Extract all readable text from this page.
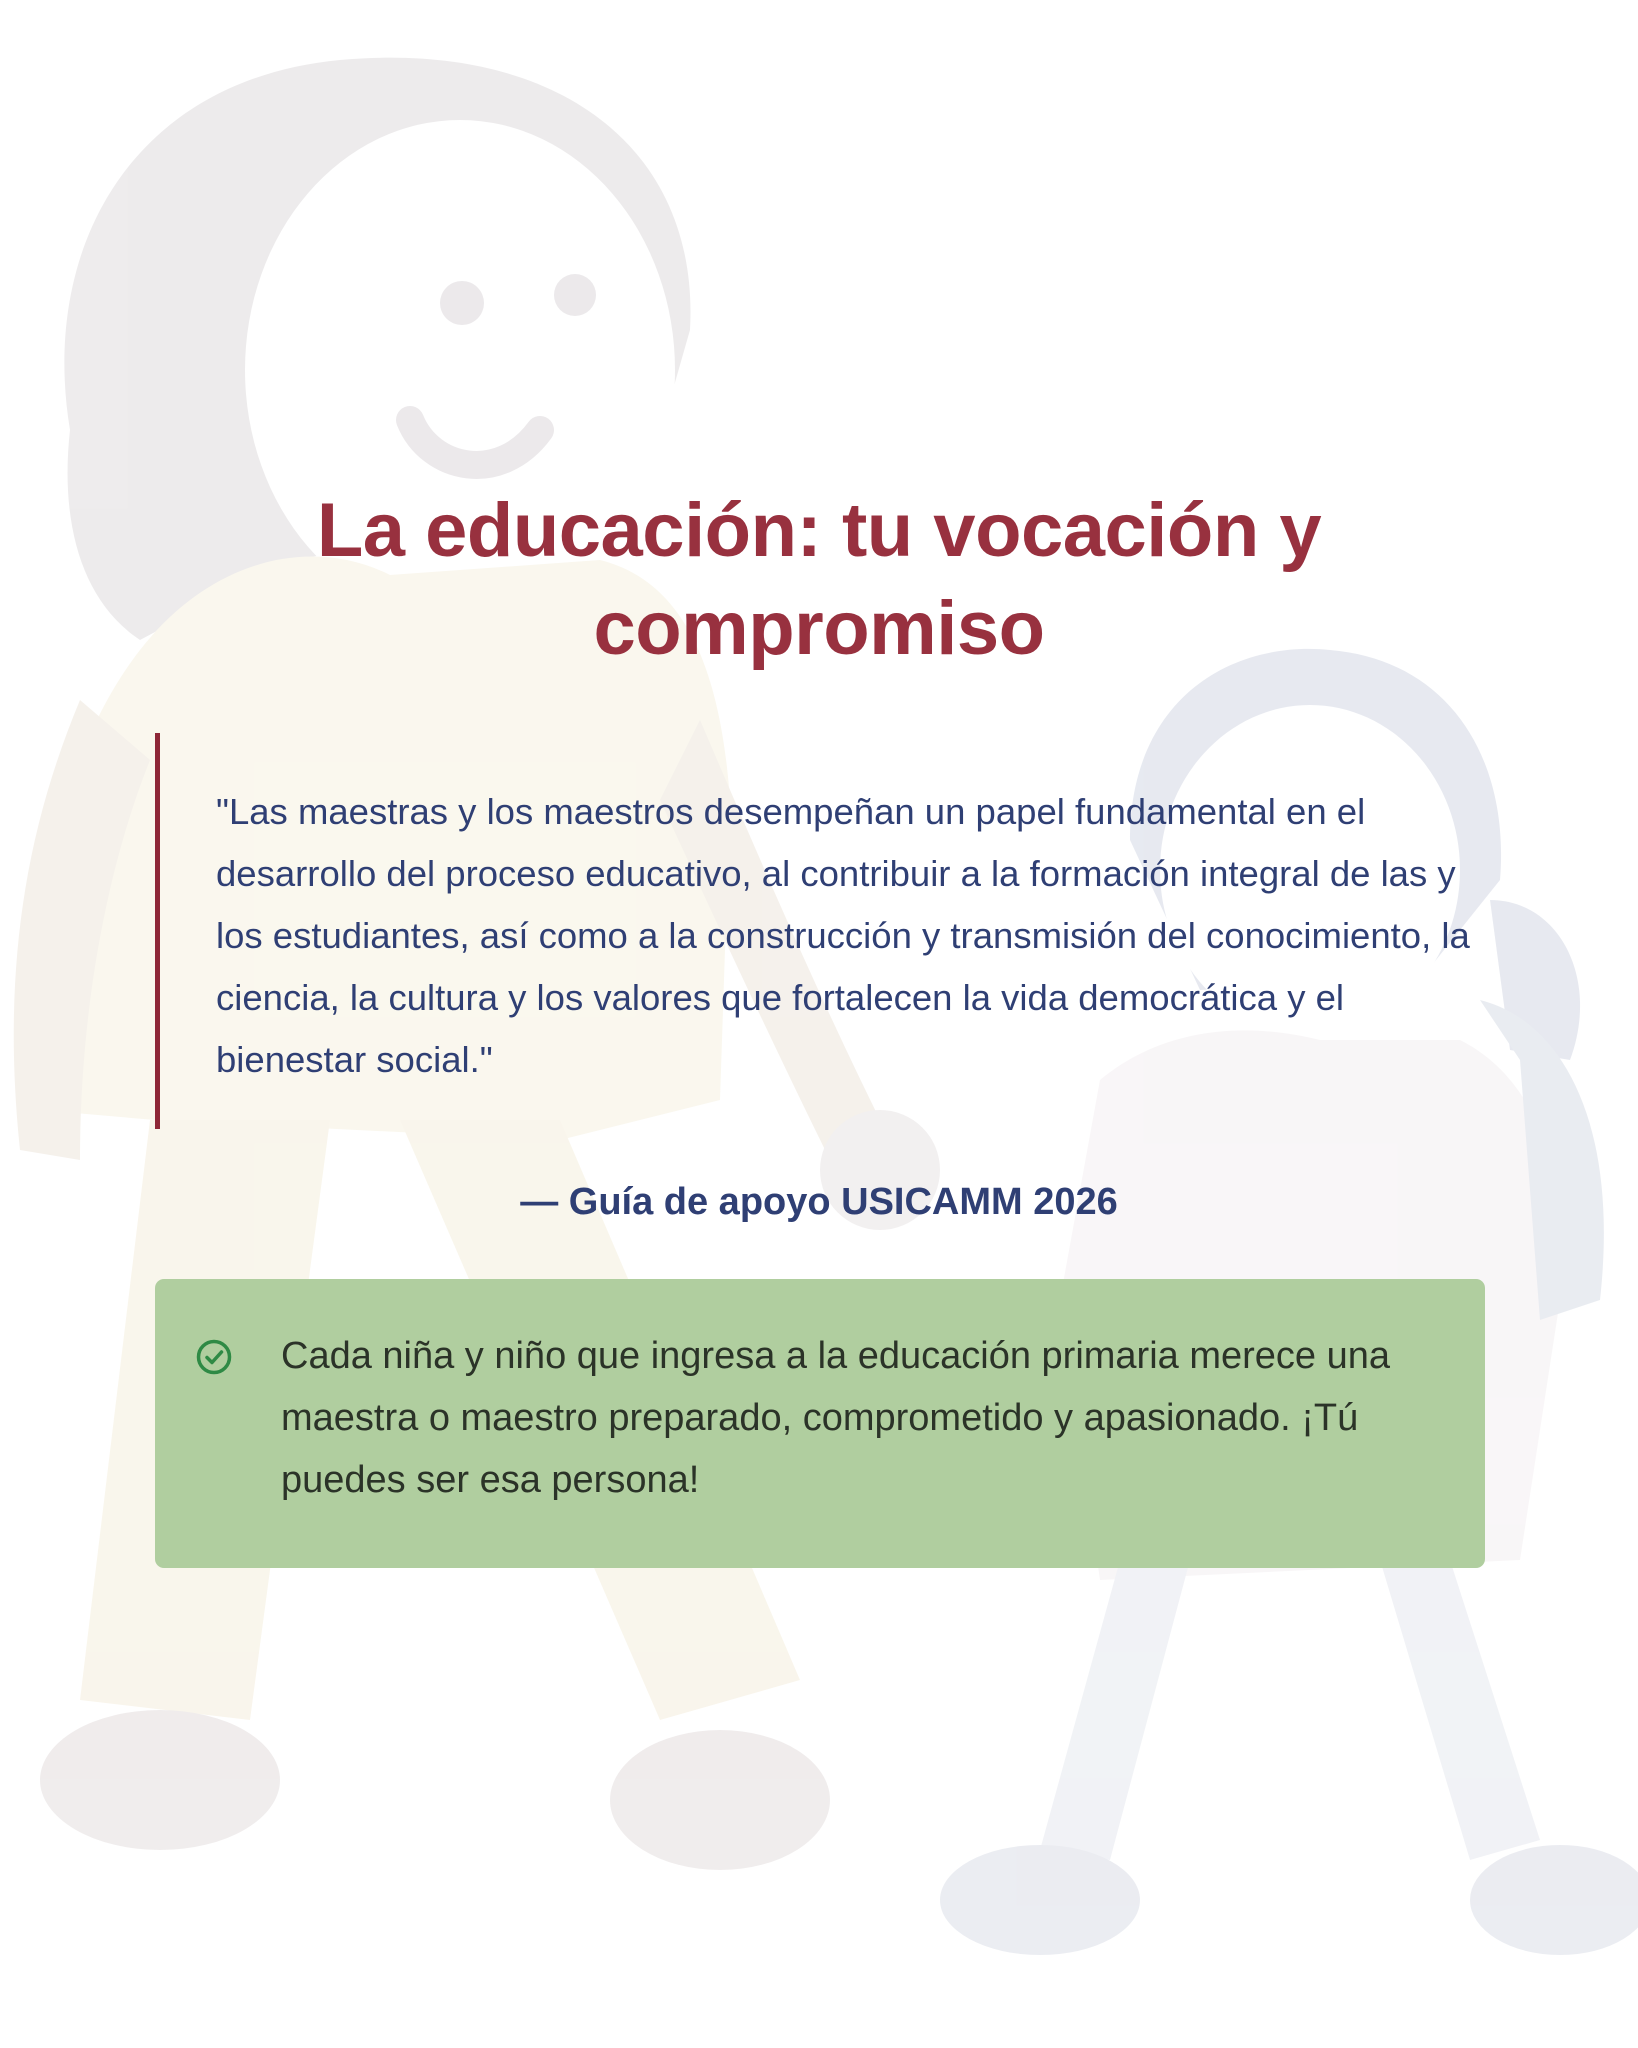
La educación: tu vocación y compromiso

"Las maestras y los maestros desempeñan un papel fundamental en el desarrollo del proceso educativo, al contribuir a la formación integral de las y los estudiantes, así como a la construcción y transmisión del conocimiento, la ciencia, la cultura y los valores que fortalecen la vida democrática y el bienestar social."

— Guía de apoyo USICAMM 2026

Cada niña y niño que ingresa a la educación primaria merece una maestra o maestro preparado, comprometido y apasionado. ¡Tú puedes ser esa persona!
